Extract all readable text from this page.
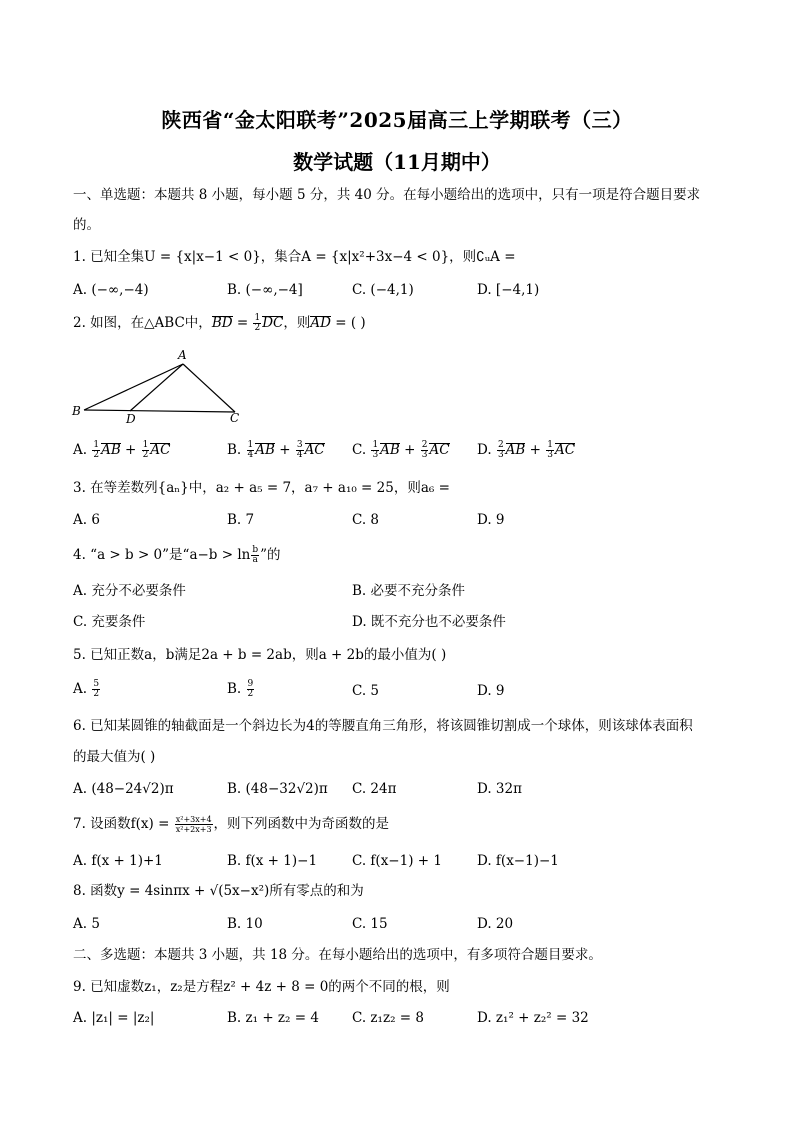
陕西省“金太阳联考”2025届高三上学期联考（三）
数学试题（11月期中）
一、单选题：本题共 8 小题，每小题 5 分，共 40 分。在每小题给出的选项中，只有一项是符合题目要求
的。
1. 已知全集U = {x|x−1 < 0}，集合A = {x|x²+3x−4 < 0}，则∁ᵤA =
A. (−∞,−4)	B. (−∞,−4]	C. (−4,1)	D. [−4,1)
2. 如图，在△ABC中，BD = $\frac{1}{2}$ DC，则AD = ( )
A
B
D	C
A. $\frac{1}{2}$ AB + $\frac{1}{2}$ AC	B. $\frac{1}{4}$ AB + $\frac{3}{4}$ AC C. $\frac{1}{3}$ AB + $\frac{2}{3}$ AC D. $\frac{2}{3}$ AB + $\frac{1}{3}$ AC
3. 在等差数列{aₙ}中，a₂ + a₅ = 7，a₇ + a₁₀ = 25，则a₆ =
A. 6	B. 7	C. 8	D. 9
4. “a > b > 0”是“$a-b > \ln \frac{b}{a}$ ”的
A. 充分不必要条件	B. 必要不充分条件
C. 充要条件	D. 既不充分也不必要条件
5. 已知正数a，b满足2a + b = 2ab，则a + 2b的最小值为( )
A. $\frac{5}{2}$	B. $\frac{9}{2}$	C. 5	D. 9
6. 已知某圆锥的轴截面是一个斜边长为4的等腰直角三角形，将该圆锥切割成一个球体，则该球体表面积
的最大值为( )
A. (48−24√2)π	B. (48−32√2)π C. 24π	D. 32π
7. 设函数$f(x) = \frac{\text{x²+3x+4}}{\text{x²+2x+3}}$ ，则下列函数中为奇函数的是
A. f(x + 1)+1	B. f(x + 1)−1	C. f(x−1) + 1	D. f(x−1)−1
8. 函数y = 4sinπx + √(5x−x²)所有零点的和为
A. 5	B. 10	C. 15	D. 20
二、多选题：本题共 3 小题，共 18 分。在每小题给出的选项中，有多项符合题目要求。
9. 已知虚数z₁，z₂是方程z² + 4z + 8 = 0的两个不同的根，则
A. |z₁| = |z₂|	B. z₁ + z₂ = 4 C. z₁z₂ = 8	D. z₁² + z₂² = 32
